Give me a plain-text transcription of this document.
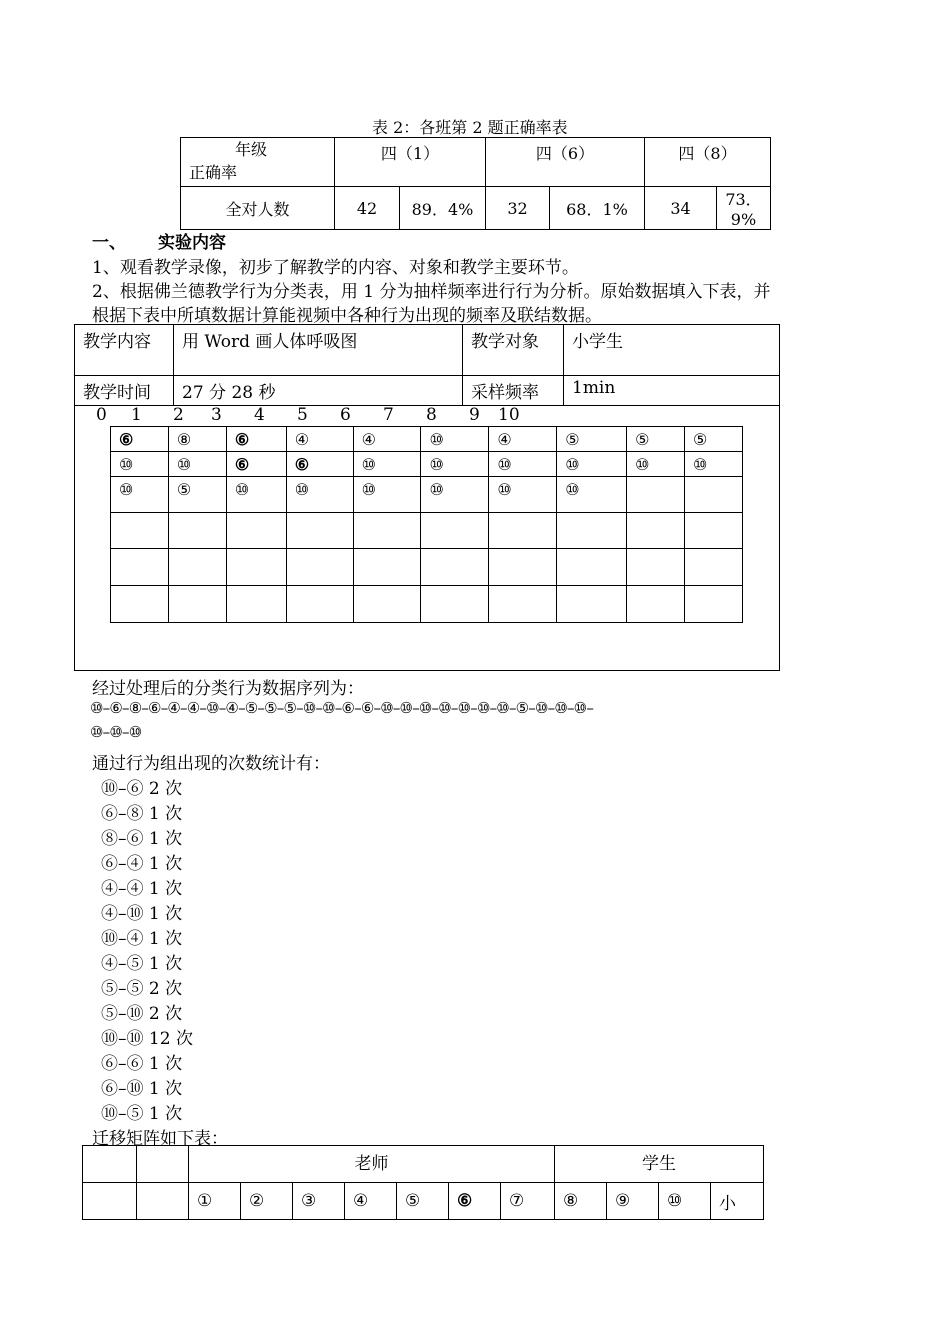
表 2：各班第 2 题正确率表
年级
正确率	四（1）		四（6）		四（8）	
全对人数	42	89．4%	32	68．1%	34	73．9%
一、 实验内容
1、观看教学录像，初步了解教学的内容、对象和教学主要环节。
2、根据佛兰德教学行为分类表，用 1 分为抽样频率进行行为分析。原始数据填入下表，并
根据下表中所填数据计算能视频中各种行为出现的频率及联结数据。
教学内容	用 Word 画人体呼吸图	教学对象	小学生
教学时间	27 分 28 秒	采样频率	1min
0 1 2 3 4 5 6 7 8 9 10
⑥	⑧	⑥	④	④	⑩	④	⑤	⑤	⑤
⑩	⑩	⑥	⑥	⑩	⑩	⑩	⑩	⑩	⑩
⑩	⑤	⑩	⑩	⑩	⑩	⑩	⑩		

经过处理后的分类行为数据序列为：
⑩–⑥–⑧–⑥–④–④–⑩–④–⑤–⑤–⑤–⑩–⑩–⑥–⑥–⑩–⑩–⑩–⑩–⑩–⑩–⑩–⑤–⑩–⑩–⑩–
⑩–⑩–⑩
通过行为组出现的次数统计有：
⑩–⑥ 2 次
⑥–⑧ 1 次
⑧–⑥ 1 次
⑥–④ 1 次
④–④ 1 次
④–⑩ 1 次
⑩–④ 1 次
④–⑤ 1 次
⑤–⑤ 2 次
⑤–⑩ 2 次
⑩–⑩ 12 次
⑥–⑥ 1 次
⑥–⑩ 1 次
⑩–⑤ 1 次
迁移矩阵如下表：
		老师							学生			
		①	②	③	④	⑤	⑥	⑦	⑧	⑨	⑩	小
